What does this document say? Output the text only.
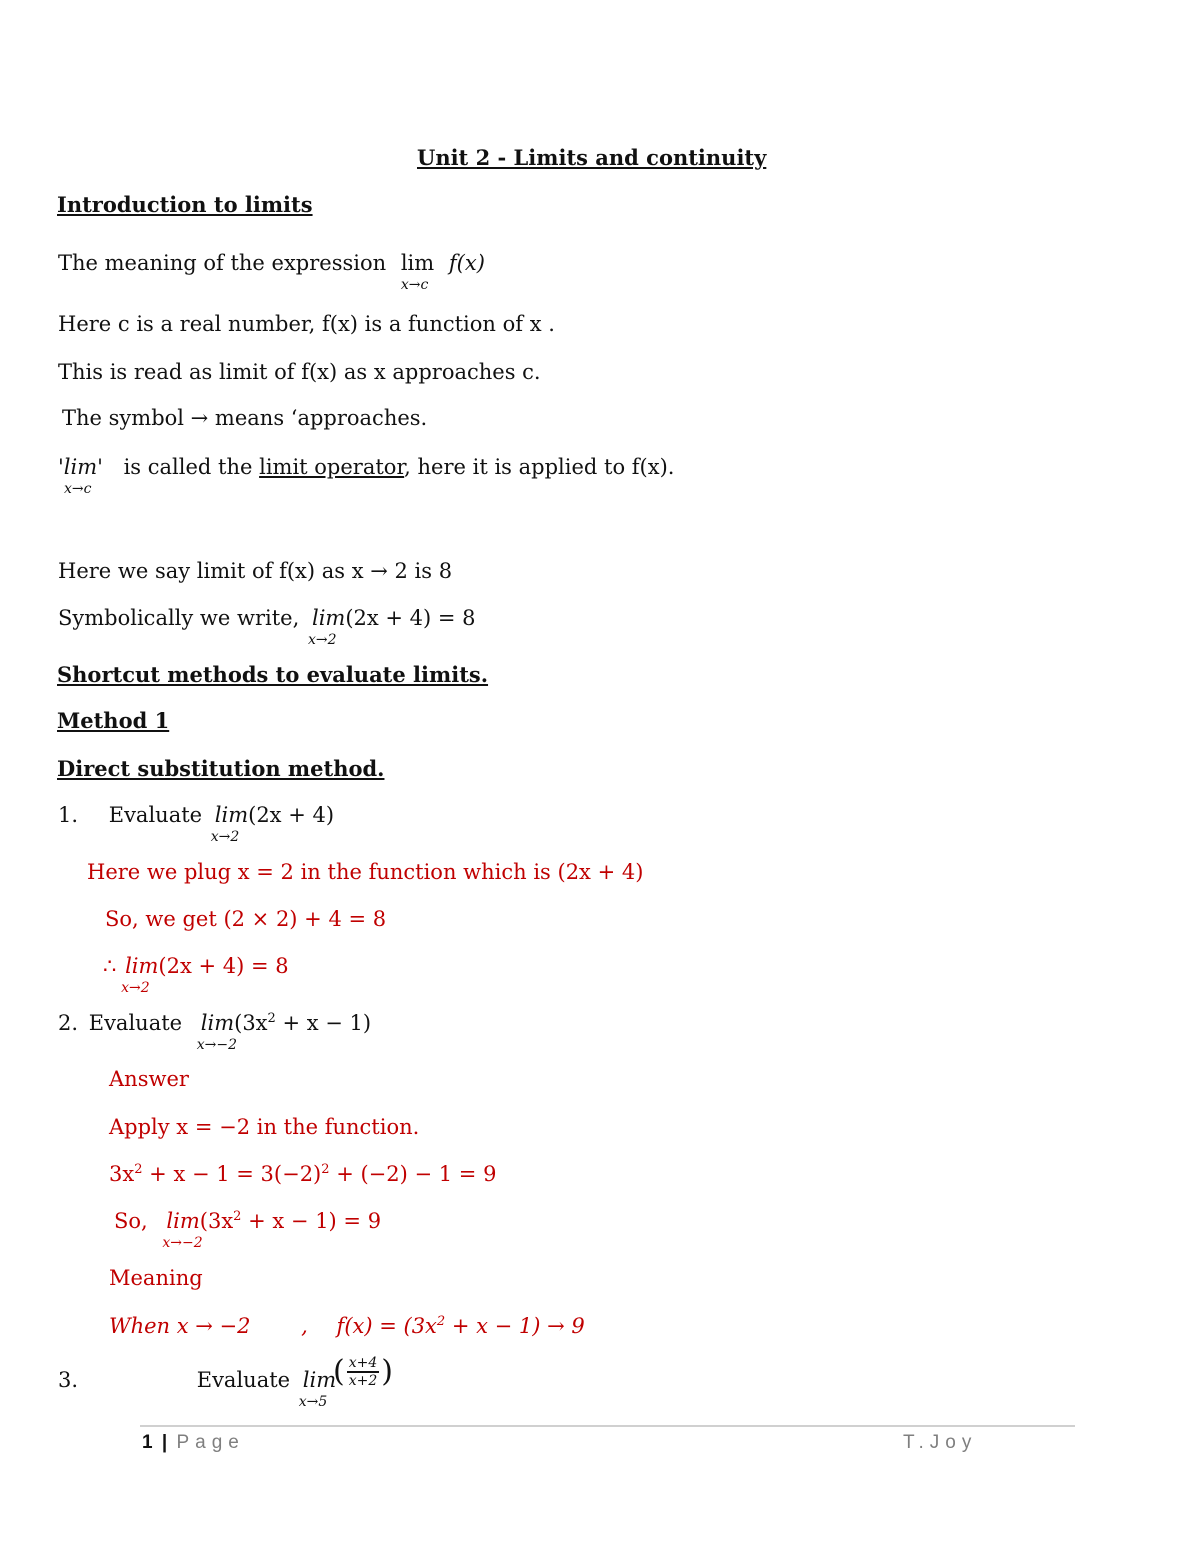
Unit 2 - Limits and continuity
Introduction to limits
The meaning of the expression lim
x→c
f(x)
Here c is a real number, f(x) is a function of x .
This is read as limit of f(x) as x approaches c.
The symbol → means ‘approaches.
'lim'
x→c
is called the limit operator, here it is applied to f(x).
Here we say limit of f(x) as x → 2 is 8
Symbolically we write, lim
x→2
(2x + 4) = 8
Shortcut methods to evaluate limits.
Method 1
Direct substitution method.
1. Evaluate lim
x→2
(2x + 4)
Here we plug x = 2 in the function which is (2x + 4)
So, we get (2 × 2) + 4 = 8
∴ lim
x→2
(2x + 4) = 8
2. Evaluate lim
x→−2
$(3x^2 + x - 1)$
Answer
Apply x = −2 in the function.
$3x^2 + x - 1 = 3(-2)^2 + (-2) - 1 = 9$
So, lim
x→−2
$(3x^2 + x - 1) = 9$
Meaning
When x → −2 , $f(x) = (3x^2 + x - 1) \to 9$
3.	Evaluate lim
x→5
( $\frac{x+4}{x+2}$ )
1 | Page	T.Joy
